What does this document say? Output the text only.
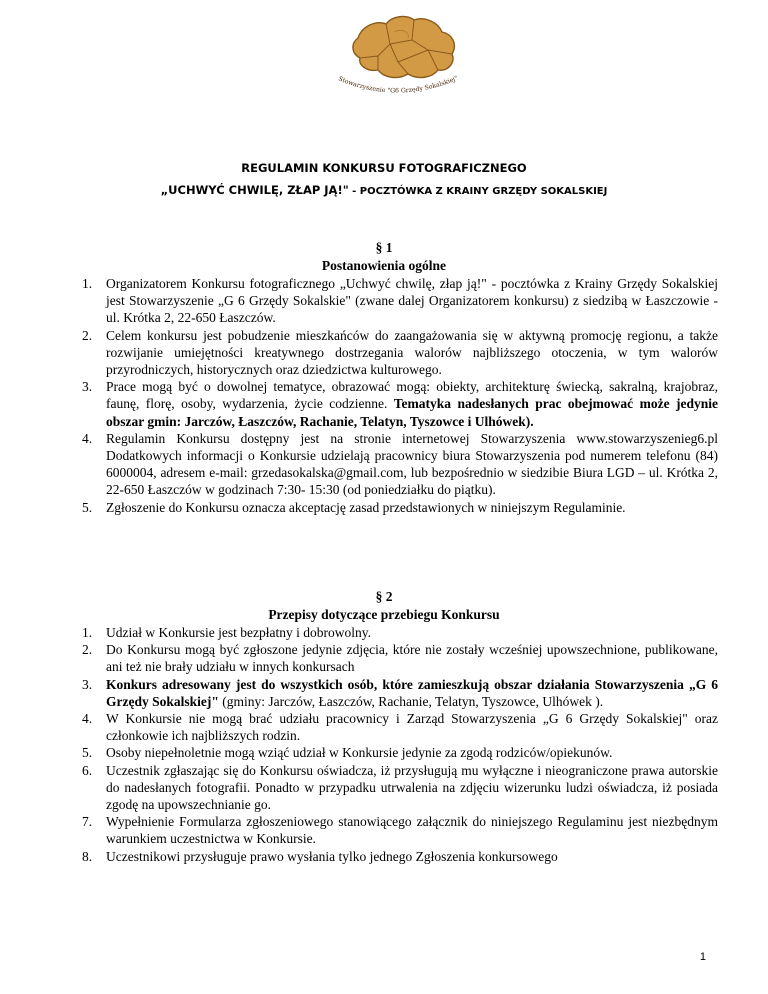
Stowarzyszenie "G6 Grzędy Sokalskiej"
REGULAMIN KONKURSU FOTOGRAFICZNEGO
„UCHWYĆ CHWILĘ, ZŁAP JĄ!" - POCZTÓWKA Z KRAINY GRZĘDY SOKALSKIEJ
§ 1
Postanowienia ogólne
1. Organizatorem Konkursu fotograficznego „Uchwyć chwilę, złap ją!" - pocztówka z Krainy Grzędy Sokalskiej jest Stowarzyszenie „G 6 Grzędy Sokalskie" (zwane dalej Organizatorem konkursu) z siedzibą w Łaszczowie - ul. Krótka 2, 22-650 Łaszczów.
2. Celem konkursu jest pobudzenie mieszkańców do zaangażowania się w aktywną promocję regionu, a także rozwijanie umiejętności kreatywnego dostrzegania walorów najbliższego otoczenia, w tym walorów przyrodniczych, historycznych oraz dziedzictwa kulturowego.
3. Prace mogą być o dowolnej tematyce, obrazować mogą: obiekty, architekturę świecką, sakralną, krajobraz, faunę, florę, osoby, wydarzenia, życie codzienne. Tematyka nadesłanych prac obejmować może jedynie obszar gmin: Jarczów, Łaszczów, Rachanie, Telatyn, Tyszowce i Ulhówek).
4. Regulamin Konkursu dostępny jest na stronie internetowej Stowarzyszenia www.stowarzyszenieg6.pl Dodatkowych informacji o Konkursie udzielają pracownicy biura Stowarzyszenia pod numerem telefonu (84) 6000004, adresem e-mail: grzedasokalska@gmail.com, lub bezpośrednio w siedzibie Biura LGD – ul. Krótka 2, 22-650 Łaszczów w godzinach 7:30- 15:30 (od poniedziałku do piątku).
5. Zgłoszenie do Konkursu oznacza akceptację zasad przedstawionych w niniejszym Regulaminie.
§ 2
Przepisy dotyczące przebiegu Konkursu
1. Udział w Konkursie jest bezpłatny i dobrowolny.
2. Do Konkursu mogą być zgłoszone jedynie zdjęcia, które nie zostały wcześniej upowszechnione, publikowane, ani też nie brały udziału w innych konkursach
3. Konkurs adresowany jest do wszystkich osób, które zamieszkują obszar działania Stowarzyszenia „G 6 Grzędy Sokalskiej" (gminy: Jarczów, Łaszczów, Rachanie, Telatyn, Tyszowce, Ulhówek ).
4. W Konkursie nie mogą brać udziału pracownicy i Zarząd Stowarzyszenia „G 6 Grzędy Sokalskiej" oraz członkowie ich najbliższych rodzin.
5. Osoby niepełnoletnie mogą wziąć udział w Konkursie jedynie za zgodą rodziców/opiekunów.
6. Uczestnik zgłaszając się do Konkursu oświadcza, iż przysługują mu wyłączne i nieograniczone prawa autorskie do nadesłanych fotografii. Ponadto w przypadku utrwalenia na zdjęciu wizerunku ludzi oświadcza, iż posiada zgodę na upowszechnianie go.
7. Wypełnienie Formularza zgłoszeniowego stanowiącego załącznik do niniejszego Regulaminu jest niezbędnym warunkiem uczestnictwa w Konkursie.
8. Uczestnikowi przysługuje prawo wysłania tylko jednego Zgłoszenia konkursowego
1
